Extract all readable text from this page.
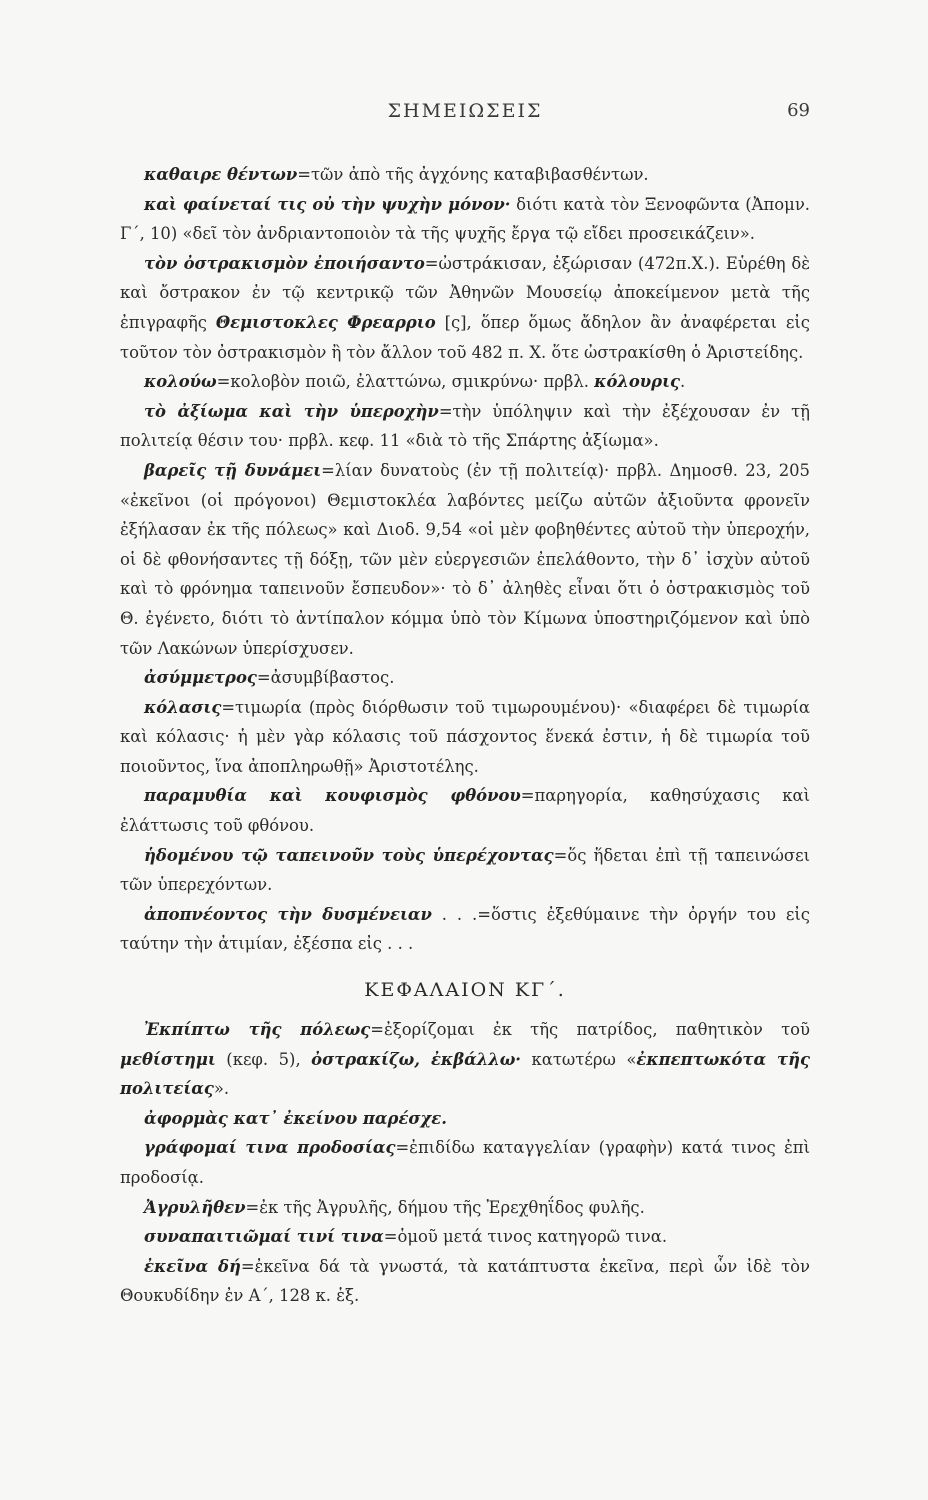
ΣΗΜΕΙΩΣΕΙΣ	69

καθαιρε θέντων=τῶν ἀπὸ τῆς ἀγχόνης καταβιβασθέντων.

καὶ φαίνεταί τις οὐ τὴν ψυχὴν μόνον· διότι κατὰ τὸν Ξενοφῶντα (Ἀπομν. Γ΄, 10) «δεῖ τὸν ἀνδριαντοποιὸν τὰ τῆς ψυχῆς ἔργα τῷ εἴδει προσεικάζειν».

τὸν ὀστρακισμὸν ἐποιήσαντο=ὠστράκισαν, ἐξώρισαν (472π.Χ.). Εὑρέθη δὲ καὶ ὄστρακον ἐν τῷ κεντρικῷ τῶν Ἀθηνῶν Μουσείῳ ἀποκείμενον μετὰ τῆς ἐπιγραφῆς Θεμιστοκλες Φρεαρριο [ς], ὅπερ ὅμως ἄδηλον ἂν ἀναφέρεται εἰς τοῦτον τὸν ὀστρακισμὸν ἢ τὸν ἄλλον τοῦ 482 π. Χ. ὅτε ὠστρακίσθη ὁ Ἀριστείδης.

κολούω=κολοβὸν ποιῶ, ἐλαττώνω, σμικρύνω· πρβλ. κόλουρις.

τὸ ἀξίωμα καὶ τὴν ὑπεροχὴν=τὴν ὑπόληψιν καὶ τὴν ἐξέχουσαν ἐν τῇ πολιτείᾳ θέσιν του· πρβλ. κεφ. 11 «διὰ τὸ τῆς Σπάρτης ἀξίωμα».

βαρεῖς τῇ δυνάμει=λίαν δυνατοὺς (ἐν τῇ πολιτείᾳ)· πρβλ. Δημοσθ. 23, 205 «ἐκεῖνοι (οἱ πρόγονοι) Θεμιστοκλέα λαβόντες μείζω αὐτῶν ἀξιοῦντα φρονεῖν ἐξήλασαν ἐκ τῆς πόλεως» καὶ Διοδ. 9,54 «οἱ μὲν φοβηθέντες αὐτοῦ τὴν ὑπεροχήν, οἱ δὲ φθονήσαντες τῇ δόξῃ, τῶν μὲν εὐεργεσιῶν ἐπελάθοντο, τὴν δ᾽ ἰσχὺν αὐτοῦ καὶ τὸ φρόνημα ταπεινοῦν ἔσπευδον»· τὸ δ᾽ ἀληθὲς εἶναι ὅτι ὁ ὀστρακισμὸς τοῦ Θ. ἐγένετο, διότι τὸ ἀντίπαλον κόμμα ὑπὸ τὸν Κίμωνα ὑποστηριζόμενον καὶ ὑπὸ τῶν Λακώνων ὑπερίσχυσεν.

ἀσύμμετρος=ἀσυμβίβαστος.

κόλασις=τιμωρία (πρὸς διόρθωσιν τοῦ τιμωρουμένου)· «διαφέρει δὲ τιμωρία καὶ κόλασις· ἡ μὲν γὰρ κόλασις τοῦ πάσχοντος ἕνεκά ἐστιν, ἡ δὲ τιμωρία τοῦ ποιοῦντος, ἵνα ἀποπληρωθῇ» Ἀριστοτέλης.

παραμυθία καὶ κουφισμὸς φθόνου=παρηγορία, καθησύχασις καὶ ἐλάττωσις τοῦ φθόνου.

ἡδομένου τῷ ταπεινοῦν τοὺς ὑπερέχοντας=ὅς ἥδεται ἐπὶ τῇ ταπεινώσει τῶν ὑπερεχόντων.

ἀποπνέοντος τὴν δυσμένειαν . . .=ὅστις ἐξεθύμαινε τὴν ὀργήν του εἰς ταύτην τὴν ἀτιμίαν, ἐξέσπα εἰς . . .

ΚΕΦΑΛΑΙΟΝ ΚΓ΄.

Ἐκπίπτω τῆς πόλεως=ἐξορίζομαι ἐκ τῆς πατρίδος, παθητικὸν τοῦ μεθίστημι (κεφ. 5), ὀστρακίζω, ἐκβάλλω· κατωτέρω «ἐκπεπτωκότα τῆς πολιτείας».

ἀφορμὰς κατ᾽ ἐκείνου παρέσχε.

γράφομαί τινα προδοσίας=ἐπιδίδω καταγγελίαν (γραφὴν) κατά τινος ἐπὶ προδοσίᾳ.

Ἀγρυλῆθεν=ἐκ τῆς Ἀγρυλῆς, δήμου τῆς Ἐρεχθηΐδος φυλῆς.

συναπαιτιῶμαί τινί τινα=ὁμοῦ μετά τινος κατηγορῶ τινα.

ἐκεῖνα δή=ἐκεῖνα δά τὰ γνωστά, τὰ κατάπτυστα ἐκεῖνα, περὶ ὧν ἰδὲ τὸν Θουκυδίδην ἐν Α΄, 128 κ. ἑξ.
